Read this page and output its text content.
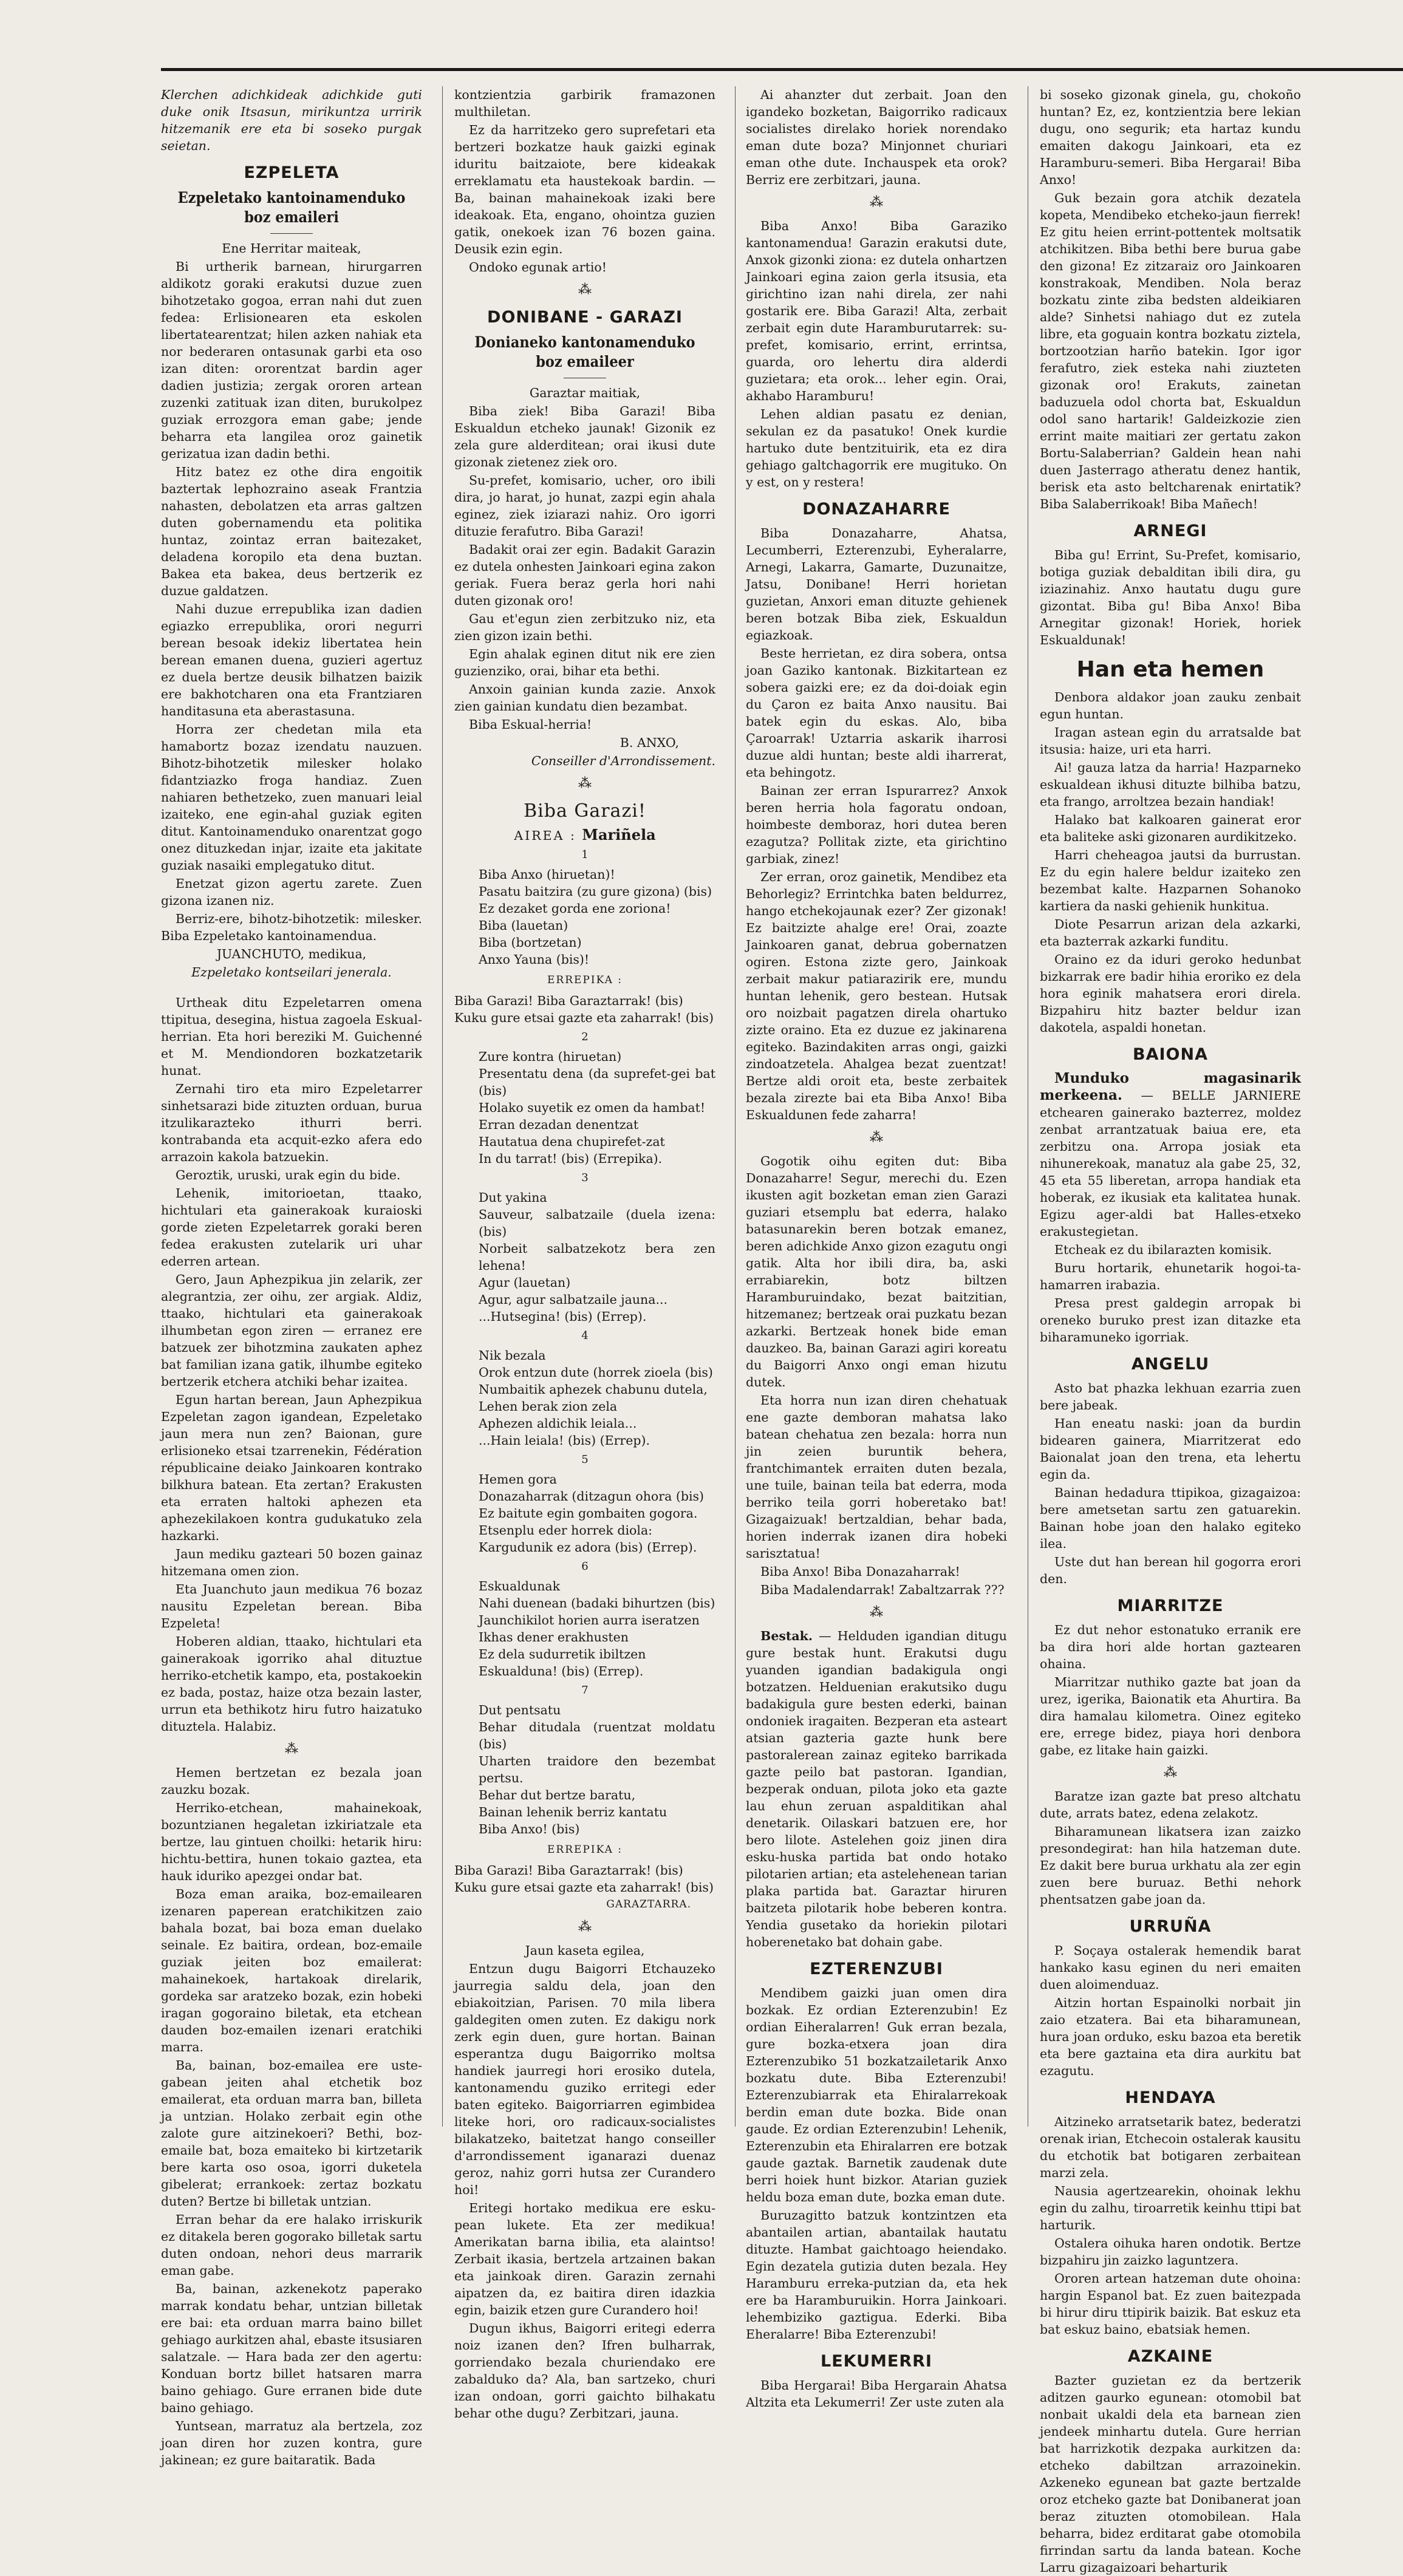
Klerchen adichkideak adichkide guti duke onik Itsasun, mirikuntza urririk hitzemanik ere eta bi soseko purgak seietan.

EZPELETA
Ezpeletako kantoinamenduko boz emaileri

Ene Herritar maiteak,

Bi urtherik barnean, hirurgarren aldikotz goraki erakutsi duzue zuen bihotzetako gogoa, erran nahi dut zuen fedea: Erlisionearen eta eskolen libertatearentzat; hilen azken nahiak eta nor bederaren ontasunak garbi eta oso izan diten: ororentzat bardin ager dadien justizia; zergak ororen artean zuzenki zatituak izan diten, burukolpez guziak errozgora eman gabe; jende beharra eta langilea oroz gainetik gerizatua izan dadin bethi.

Hitz batez ez othe dira engoitik baztertak lephozraino aseak Frantzia nahasten, debolatzen eta arras galtzen duten gobernamendu eta politika huntaz, zointaz erran baitezaket, deladena koropilo eta dena buztan. Bakea eta bakea, deus bertzerik ez duzue galdatzen.

Nahi duzue errepublika izan dadien egiazko errepublika, orori negurri berean besoak idekiz libertatea hein berean emanen duena, guzieri agertuz ez duela bertze deusik bilhatzen baizik ere bakhotcharen ona eta Frantziaren handitasuna eta aberastasuna.

Horra zer chedetan mila eta hamabortz bozaz izendatu nauzuen. Bihotz-bihotzetik milesker holako fidantziazko froga handiaz. Zuen nahiaren bethetzeko, zuen manuari leial izaiteko, ene egin-ahal guziak egiten ditut. Kantoinamenduko onarentzat gogo onez dituzkedan injar, izaite eta jakitate guziak nasaiki emplegatuko ditut.

Enetzat gizon agertu zarete. Zuen gizona izanen niz.

Berriz-ere, bihotz-bihotzetik: milesker. Biba Ezpeletako kantoinamendua.

JUANCHUTO, medikua,

Ezpeletako kontseilari jenerala.

Urtheak ditu Ezpeletarren omena ttipitua, desegina, histua zagoela Eskual-herrian. Eta hori bereziki M. Guichenné et M. Mendiondoren bozkatzetarik hunat.

Zernahi tiro eta miro Ezpeletarrer sinhetsarazi bide zituzten orduan, burua itzulikarazteko ithurri berri. kontrabanda eta acquit-ezko afera edo arrazoin kakola batzuekin.

Geroztik, uruski, urak egin du bide.

Lehenik, imitorioetan, ttaako, hichtulari eta gainerakoak kuraioski gorde zieten Ezpeletarrek goraki beren fedea erakusten zutelarik uri uhar ederren artean.

Gero, Jaun Aphezpikua jin zelarik, zer alegrantzia, zer oihu, zer argiak. Aldiz, ttaako, hichtulari eta gainerakoak ilhumbetan egon ziren — erranez ere batzuek zer bihotzmina zaukaten aphez bat familian izana gatik, ilhumbe egiteko bertzerik etchera atchiki behar izaitea.

Egun hartan berean, Jaun Aphezpikua Ezpeletan zagon igandean, Ezpeletako jaun mera nun zen? Baionan, gure erlisioneko etsai tzarrenekin, Fédération républicaine deiako Jainkoaren kontrako bilkhura batean. Eta zertan? Erakusten eta erraten haltoki aphezen eta aphezekilakoen kontra gudukatuko zela hazkarki.

Jaun mediku gazteari 50 bozen gainaz hitzemana omen zion.

Eta Juanchuto jaun medikua 76 bozaz nausitu Ezpeletan berean. Biba Ezpeleta!

Hoberen aldian, ttaako, hichtulari eta gainerakoak igorriko ahal dituztue herriko-etchetik kampo, eta, postakoekin ez bada, postaz, haize otza bezain laster, urrun eta bethikotz hiru futro haizatuko dituztela. Halabiz.

⁂

Hemen bertzetan ez bezala joan zauzku bozak.

Herriko-etchean, mahainekoak, bozuntzianen hegaletan izkiriatzale eta bertze, lau gintuen choilki: hetarik hiru: hichtu-bettira, hunen tokaio gaztea, eta hauk iduriko apezgei ondar bat.

Boza eman araika, boz-emailearen izenaren paperean eratchikitzen zaio bahala bozat, bai boza eman duelako seinale. Ez baitira, ordean, boz-emaile guziak jeiten boz emailerat: mahainekoek, hartakoak direlarik, gordeka sar aratzeko bozak, ezin hobeki iragan gogoraino biletak, eta etchean dauden boz-emailen izenari eratchiki marra.

Ba, bainan, boz-emailea ere uste-gabean jeiten ahal etchetik boz emailerat, eta orduan marra ban, billeta ja untzian. Holako zerbait egin othe zalote gure aitzinekoeri? Bethi, boz-emaile bat, boza emaiteko bi kirtzetarik bere karta oso osoa, igorri duketela gibelerat; errankoek: zertaz bozkatu duten? Bertze bi billetak untzian.

Erran behar da ere halako irriskurik ez ditakela beren gogorako billetak sartu duten ondoan, nehori deus marrarik eman gabe.

Ba, bainan, azkenekotz paperako marrak kondatu behar, untzian billetak ere bai: eta orduan marra baino billet gehiago aurkitzen ahal, ebaste itsusiaren salatzale. — Hara bada zer den agertu: Konduan bortz billet hatsaren marra baino gehiago. Gure erranen bide dute baino gehiago.

Yuntsean, marratuz ala bertzela, zoz joan diren hor zuzen kontra, gure jakinean; ez gure baitaratik. Bada

kontzientzia garbirik framazonen multhiletan.

Ez da harritzeko gero suprefetari eta bertzeri bozkatze hauk gaizki eginak iduritu baitzaiote, bere kideakak erreklamatu eta haustekoak bardin. — Ba, bainan mahainekoak izaki bere ideakoak. Eta, engano, ohointza guzien gatik, onekoek izan 76 bozen gaina. Deusik ezin egin.

Ondoko egunak artio!

⁂
DONIBANE - GARAZI
Donianeko kantonamenduko boz emaileer

Garaztar maitiak,

Biba ziek! Biba Garazi! Biba Eskualdun etcheko jaunak! Gizonik ez zela gure alderditean; orai ikusi dute gizonak zietenez ziek oro.

Su-prefet, komisario, ucher, oro ibili dira, jo harat, jo hunat, zazpi egin ahala eginez, ziek iziarazi nahiz. Oro igorri dituzie ferafutro. Biba Garazi!

Badakit orai zer egin. Badakit Garazin ez dutela onhesten Jainkoari egina zakon geriak. Fuera beraz gerla hori nahi duten gizonak oro!

Gau et'egun zien zerbitzuko niz, eta zien gizon izain bethi.

Egin ahalak eginen ditut nik ere zien guzienziko, orai, bihar eta bethi.

Anxoin gainian kunda zazie. Anxok zien gainian kundatu dien bezambat.

Biba Eskual-herria!

B. ANXO,

Conseiller d'Arrondissement.

⁂
Biba Garazi!

AIREA : Mariñela

1
Biba Anxo (hiruetan)!
Pasatu baitzira (zu gure gizona) (bis)
Ez dezaket gorda ene zoriona!
Biba (lauetan)
Biba (bortzetan)
Anxo Yauna (bis)!

ERREPIKA :

Biba Garazi! Biba Garaztarrak! (bis)
Kuku gure etsai gazte eta zaharrak! (bis)
2
Zure kontra (hiruetan)
Presentatu dena (da suprefet-gei bat (bis)
Holako suyetik ez omen da hambat!
Erran dezadan denentzat
Hautatua dena chupirefet-zat
In du tarrat! (bis) (Errepika).
3
Dut yakina
Sauveur, salbatzaile (duela izena: (bis)
Norbeit salbatzekotz bera zen lehena!
Agur (lauetan)
Agur, agur salbatzaile jauna...
...Hutsegina! (bis) (Errep).
4
Nik bezala
Orok entzun dute (horrek zioela (bis)
Numbaitik aphezek chabunu dutela,
Lehen berak zion zela
Aphezen aldichik leiala...
...Hain leiala! (bis) (Errep).
5
Hemen gora
Donazaharrak (ditzagun ohora (bis)
Ez baitute egin gombaiten gogora.
Etsenplu eder horrek diola:
Kargudunik ez adora (bis) (Errep).
6
Eskualdunak
Nahi duenean (badaki bihurtzen (bis)
Jaunchikilot horien aurra iseratzen
Ikhas dener erakhusten
Ez dela sudurretik ibiltzen
Eskualduna! (bis) (Errep).
7
Dut pentsatu
Behar ditudala (ruentzat moldatu (bis)
Uharten traidore den bezembat pertsu.
Behar dut bertze baratu,
Bainan lehenik berriz kantatu
Biba Anxo! (bis)

ERREPIKA :

Biba Garazi! Biba Garaztarrak! (bis)
Kuku gure etsai gazte eta zaharrak! (bis)

GARAZTARRA.

⁂

Jaun kaseta egilea,

Entzun dugu Baigorri Etchauzeko jaurregia saldu dela, joan den ebiakoitzian, Parisen. 70 mila libera galdegiten omen zuten. Ez dakigu nork zerk egin duen, gure hortan. Bainan esperantza dugu Baigorriko moltsa handiek jaurregi hori erosiko dutela, kantonamendu guziko erritegi eder baten egiteko. Baigorriarren egimbidea liteke hori, oro radicaux-socialistes bilakatzeko, baitetzat hango conseiller d'arrondissement iganarazi duenaz geroz, nahiz gorri hutsa zer Curandero hoi!

Eritegi hortako medikua ere esku-pean lukete. Eta zer medikua! Amerikatan barna ibilia, eta alaintso! Zerbait ikasia, bertzela artzainen bakan eta jainkoak diren. Garazin zernahi aipatzen da, ez baitira diren idazkia egin, baizik etzen gure Curandero hoi!

Dugun ikhus, Baigorri eritegi ederra noiz izanen den? Ifren bulharrak, gorriendako bezala churiendako ere zabalduko da? Ala, ban sartzeko, churi izan ondoan, gorri gaichto bilhakatu behar othe dugu? Zerbitzari, jauna.

Ai ahanzter dut zerbait. Joan den igandeko bozketan, Baigorriko radicaux socialistes direlako horiek norendako eman dute boza? Minjonnet churiari eman othe dute. Inchauspek eta orok? Berriz ere zerbitzari, jauna.

⁂

Biba Anxo! Biba Garaziko kantonamendua! Garazin erakutsi dute, Anxok gizonki ziona: ez dutela onhartzen Jainkoari egina zaion gerla itsusia, eta girichtino izan nahi direla, zer nahi gostarik ere. Biba Garazi! Alta, zerbait zerbait egin dute Haramburutarrek: su-prefet, komisario, errint, errintsa, guarda, oro lehertu dira alderdi guzietara; eta orok... leher egin. Orai, akhabo Haramburu!

Lehen aldian pasatu ez denian, sekulan ez da pasatuko! Onek kurdie hartuko dute bentzituirik, eta ez dira gehiago galtchagorrik ere mugituko. On y est, on y restera!

DONAZAHARRE

Biba Donazaharre, Ahatsa, Lecumberri, Ezterenzubi, Eyheralarre, Arnegi, Lakarra, Gamarte, Duzunaitze, Jatsu, Donibane! Herri horietan guzietan, Anxori eman dituzte gehienek beren botzak Biba ziek, Eskualdun egiazkoak.

Beste herrietan, ez dira sobera, ontsa joan Gaziko kantonak. Bizkitartean ez sobera gaizki ere; ez da doi-doiak egin du Çaron ez baita Anxo nausitu. Bai batek egin du eskas. Alo, biba Çaroarrak! Uztarria askarik iharrosi duzue aldi huntan; beste aldi iharrerat, eta behingotz.

Bainan zer erran Ispurarrez? Anxok beren herria hola fagoratu ondoan, hoimbeste demboraz, hori dutea beren ezagutza? Pollitak zizte, eta girichtino garbiak, zinez!

Zer erran, oroz gainetik, Mendibez eta Behorlegiz? Errintchka baten beldurrez, hango etchekojaunak ezer? Zer gizonak! Ez baitzizte ahalge ere! Orai, zoazte Jainkoaren ganat, debrua gobernatzen ogiren. Estona zizte gero, Jainkoak zerbait makur patiarazirik ere, mundu huntan lehenik, gero bestean. Hutsak oro noizbait pagatzen direla ohartuko zizte oraino. Eta ez duzue ez jakinarena egiteko. Bazindakiten arras ongi, gaizki zindoatzetela. Ahalgea bezat zuentzat! Bertze aldi oroit eta, beste zerbaitek bezala zirezte bai eta Biba Anxo! Biba Eskualdunen fede zaharra!

⁂

Gogotik oihu egiten dut: Biba Donazaharre! Segur, merechi du. Ezen ikusten agit bozketan eman zien Garazi guziari etsemplu bat ederra, halako batasunarekin beren botzak emanez, beren adichkide Anxo gizon ezagutu ongi gatik. Alta hor ibili dira, ba, aski errabiarekin, botz biltzen Haramburuindako, bezat baitzitian, hitzemanez; bertzeak orai puzkatu bezan azkarki. Bertzeak honek bide eman dauzkeo. Ba, bainan Garazi agiri koreatu du Baigorri Anxo ongi eman hizutu dutek.

Eta horra nun izan diren chehatuak ene gazte demboran mahatsa lako batean chehatua zen bezala: horra nun jin zeien buruntik behera, frantchimantek erraiten duten bezala, une tuile, bainan teila bat ederra, moda berriko teila gorri hoberetako bat! Gizagaizuak! bertzaldian, behar bada, horien inderrak izanen dira hobeki sarisztatua!

Biba Anxo! Biba Donazaharrak!

Biba Madalendarrak! Zabaltzarrak ???

⁂

Bestak. — Helduden igandian ditugu gure bestak hunt. Erakutsi dugu yuanden igandian badakigula ongi botzatzen. Helduenian erakutsiko dugu badakigula gure besten ederki, bainan ondoniek iragaiten. Bezperan eta asteart atsian gazteria gazte hunk bere pastoralerean zainaz egiteko barrikada gazte peilo bat pastoran. Igandian, bezperak onduan, pilota joko eta gazte lau ehun zeruan aspalditikan ahal denetarik. Oilaskari batzuen ere, hor bero lilote. Astelehen goiz jinen dira esku-huska partida bat ondo hotako pilotarien artian; eta astelehenean tarian plaka partida bat. Garaztar hiruren baitzeta pilotarik hobe beberen kontra. Yendia gusetako da horiekin pilotari hoberenetako bat dohain gabe.

EZTERENZUBI

Mendibem gaizki juan omen dira bozkak. Ez ordian Ezterenzubin! Ez ordian Eiheralarren! Guk erran bezala, gure bozka-etxera joan dira Ezterenzubiko 51 bozkatzailetarik Anxo bozkatu dute. Biba Ezterenzubi! Ezterenzubiarrak eta Ehiralarrekoak berdin eman dute bozka. Bide onan gaude. Ez ordian Ezterenzubin! Lehenik, Ezterenzubin eta Ehiralarren ere botzak gaude gaztak. Barnetik zaudenak dute berri hoiek hunt bizkor. Atarian guziek heldu boza eman dute, bozka eman dute.

Buruzagitto batzuk kontzintzen eta abantailen artian, abantailak hautatu dituzte. Hambat gaichtoago heiendako. Egin dezatela gutizia duten bezala. Hey Haramburu erreka-putzian da, eta hek ere ba Haramburuikin. Horra Jainkoari. lehembiziko gaztigua. Ederki. Biba Eheralarre! Biba Ezterenzubi!

LEKUMERRI

Biba Hergarai! Biba Hergarain Ahatsa Altzita eta Lekumerri! Zer uste zuten ala

bi soseko gizonak ginela, gu, chokoño huntan? Ez, ez, kontzientzia bere lekian dugu, ono segurik; eta hartaz kundu emaiten dakogu Jainkoari, eta ez Haramburu-semeri. Biba Hergarai! Biba Anxo!

Guk bezain gora atchik dezatela kopeta, Mendibeko etcheko-jaun fierrek! Ez gitu heien errint-pottentek moltsatik atchikitzen. Biba bethi bere burua gabe den gizona! Ez zitzaraiz oro Jainkoaren konstrakoak, Mendiben. Nola beraz bozkatu zinte ziba bedsten aldeikiaren alde? Sinhetsi nahiago dut ez zutela libre, eta goguain kontra bozkatu ziztela, bortzootzian harño batekin. Igor igor ferafutro, ziek esteka nahi ziuzteten gizonak oro! Erakuts, zainetan baduzuela odol chorta bat, Eskualdun odol sano hartarik! Galdeizkozie zien errint maite maitiari zer gertatu zakon Bortu-Salaberrian? Galdein hean nahi duen Jasterrago atheratu denez hantik, berisk eta asto beltcharenak enirtatik? Biba Salaberrikoak! Biba Mañech!

ARNEGI

Biba gu! Errint, Su-Prefet, komisario, botiga guziak debalditan ibili dira, gu iziazinahiz. Anxo hautatu dugu gure gizontat. Biba gu! Biba Anxo! Biba Arnegitar gizonak! Horiek, horiek Eskualdunak!

Han eta hemen

Denbora aldakor joan zauku zenbait egun huntan.

Iragan astean egin du arratsalde bat itsusia: haize, uri eta harri.

Ai! gauza latza da harria! Hazparneko eskualdean ikhusi dituzte bilhiba batzu, eta frango, arroltzea bezain handiak!

Halako bat kalkoaren gainerat eror eta baliteke aski gizonaren aurdikitzeko.

Harri cheheagoa jautsi da burrustan. Ez du egin halere beldur izaiteko zen bezembat kalte. Hazparnen Sohanoko kartiera da naski gehienik hunkitua.

Diote Pesarrun arizan dela azkarki, eta bazterrak azkarki funditu.

Oraino ez da iduri geroko hedunbat bizkarrak ere badir hihia eroriko ez dela hora eginik mahatsera erori direla. Bizpahiru hitz bazter beldur izan dakotela, aspaldi honetan.

BAIONA

Munduko magasinarik merkeena. — BELLE JARNIERE etchearen gainerako bazterrez, moldez zenbat arrantzatuak baiua ere, eta zerbitzu ona. Arropa josiak eta nihunerekoak, manatuz ala gabe 25, 32, 45 eta 55 liberetan, arropa handiak eta hoberak, ez ikusiak eta kalitatea hunak. Egizu ager-aldi bat Halles-etxeko erakustegietan.

Etcheak ez du ibilarazten komisik.

Buru hortarik, ehunetarik hogoi-ta-hamarren irabazia.

Presa prest galdegin arropak bi oreneko buruko prest izan ditazke eta biharamuneko igorriak.

ANGELU

Asto bat phazka lekhuan ezarria zuen bere jabeak.

Han eneatu naski: joan da burdin bidearen gainera, Miarritzerat edo Baionalat joan den trena, eta lehertu egin da.

Bainan hedadura ttipikoa, gizagaizoa: bere ametsetan sartu zen gatuarekin. Bainan hobe joan den halako egiteko ilea.

Uste dut han berean hil gogorra erori den.

MIARRITZE

Ez dut nehor estonatuko erranik ere ba dira hori alde hortan gaztearen ohaina.

Miarritzar nuthiko gazte bat joan da urez, igerika, Baionatik eta Ahurtira. Ba dira hamalau kilometra. Oinez egiteko ere, errege bidez, piaya hori denbora gabe, ez litake hain gaizki.

⁂

Baratze izan gazte bat preso altchatu dute, arrats batez, edena zelakotz.

Biharamunean likatsera izan zaizko presondegirat: han hila hatzeman dute. Ez dakit bere burua urkhatu ala zer egin zuen bere buruaz. Bethi nehork phentsatzen gabe joan da.

URRUÑA

P. Soçaya ostalerak hemendik barat hankako kasu eginen du neri emaiten duen aloimenduaz.

Aitzin hortan Espainolki norbait jin zaio etzatera. Bai eta biharamunean, hura joan orduko, esku bazoa eta beretik eta bere gaztaina eta dira aurkitu bat ezagutu.

HENDAYA

Aitzineko arratsetarik batez, bederatzi orenak irian, Etchecoin ostalerak kausitu du etchotik bat botigaren zerbaitean marzi zela.

Nausia agertzearekin, ohoinak lekhu egin du zalhu, tiroarretik keinhu ttipi bat harturik.

Ostalera oihuka haren ondotik. Bertze bizpahiru jin zaizko laguntzera.

Ororen artean hatzeman dute ohoina: hargin Espanol bat. Ez zuen baitezpada bi hirur diru ttipirik baizik. Bat eskuz eta bat eskuz baino, ebatsiak hemen.

AZKAINE

Bazter guzietan ez da bertzerik aditzen gaurko egunean: otomobil bat nonbait ukaldi dela eta barnean zien jendeek minhartu dutela. Gure herrian bat harrizkotik dezpaka aurkitzen da: etcheko dabiltzan arrazoinekin. Azkeneko egunean bat gazte bertzalde oroz etcheko gazte bat Donibanerat joan beraz zituzten otomobilean. Hala beharra, bidez erditarat gabe otomobila firrindan sartu da landa batean. Koche Larru gizagaizoari beharturik
